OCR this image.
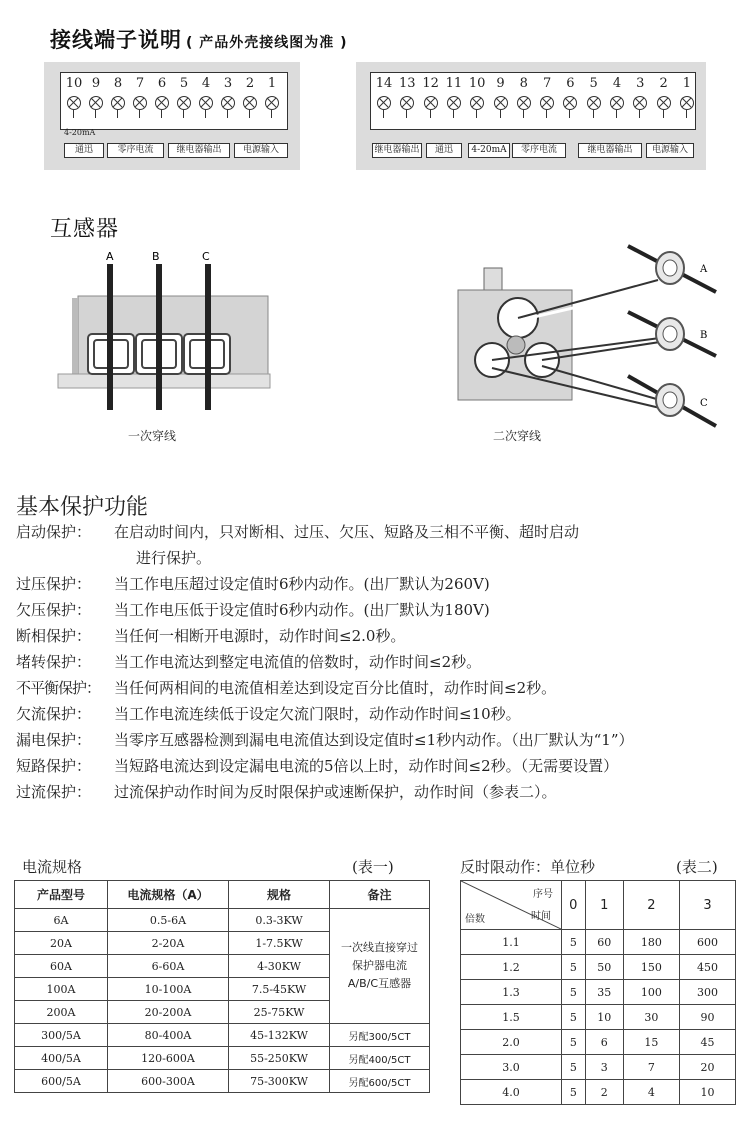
接线端子说明 ( 产品外壳接线图为准 )
10 9	8	7	6	5	4	3	2	1
4-20mA
通迅	零序电流	继电器输出	电源输入
14 13 12 11 10 9	8	7	6	5	4	3	2	1
继电器输出	通迅	4-20mA	零序电流	继电器输出	电源输入
互感器
A	B	C
一次穿线
A
B
C
二次穿线
基本保护功能
启动保护： 在启动时间内，只对断相、过压、欠压、短路及三相不平衡、超时启动
进行保护。
过压保护： 当工作电压超过设定值时6秒内动作。(出厂默认为260V)
欠压保护： 当工作电压低于设定值时6秒内动作。(出厂默认为180V)
断相保护： 当任何一相断开电源时，动作时间≤2.0秒。
堵转保护： 当工作电流达到整定电流值的倍数时，动作时间≤2秒。
不平衡保护： 当任何两相间的电流值相差达到设定百分比值时，动作时间≤2秒。
欠流保护： 当工作电流连续低于设定欠流门限时，动作动作时间≤10秒。
漏电保护： 当零序互感器检测到漏电电流值达到设定值时≤1秒内动作。（出厂默认为“1”）
短路保护： 当短路电流达到设定漏电电流的5倍以上时，动作时间≤2秒。（无需要设置）
过流保护： 过流保护动作时间为反时限保护或速断保护，动作时间（参表二）。
电流规格	(表一)
产品型号	电流规格（A）	规格	备注
6A	0.5-6A	0.3-3KW	一次线直接穿过
保护器电流
A/B/C互感器

20A	2-20A	1-7.5KW	
60A	6-60A	4-30KW	
100A	10-100A	7.5-45KW	
200A	20-200A	25-75KW	
300/5A	80-400A	45-132KW	另配300/5CT
400/5A	120-600A	55-250KW	另配400/5CT
600/5A	600-300A	75-300KW	另配600/5CT
反时限动作：单位秒	(表二)
序号
时间
倍数	0	1	2	3
1.1	5	60	180	600
1.2	5	50	150	450
1.3	5	35	100	300
1.5	5	10	30	90
2.0	5	6	15	45
3.0	5	3	7	20
4.0	5	2	4	10
